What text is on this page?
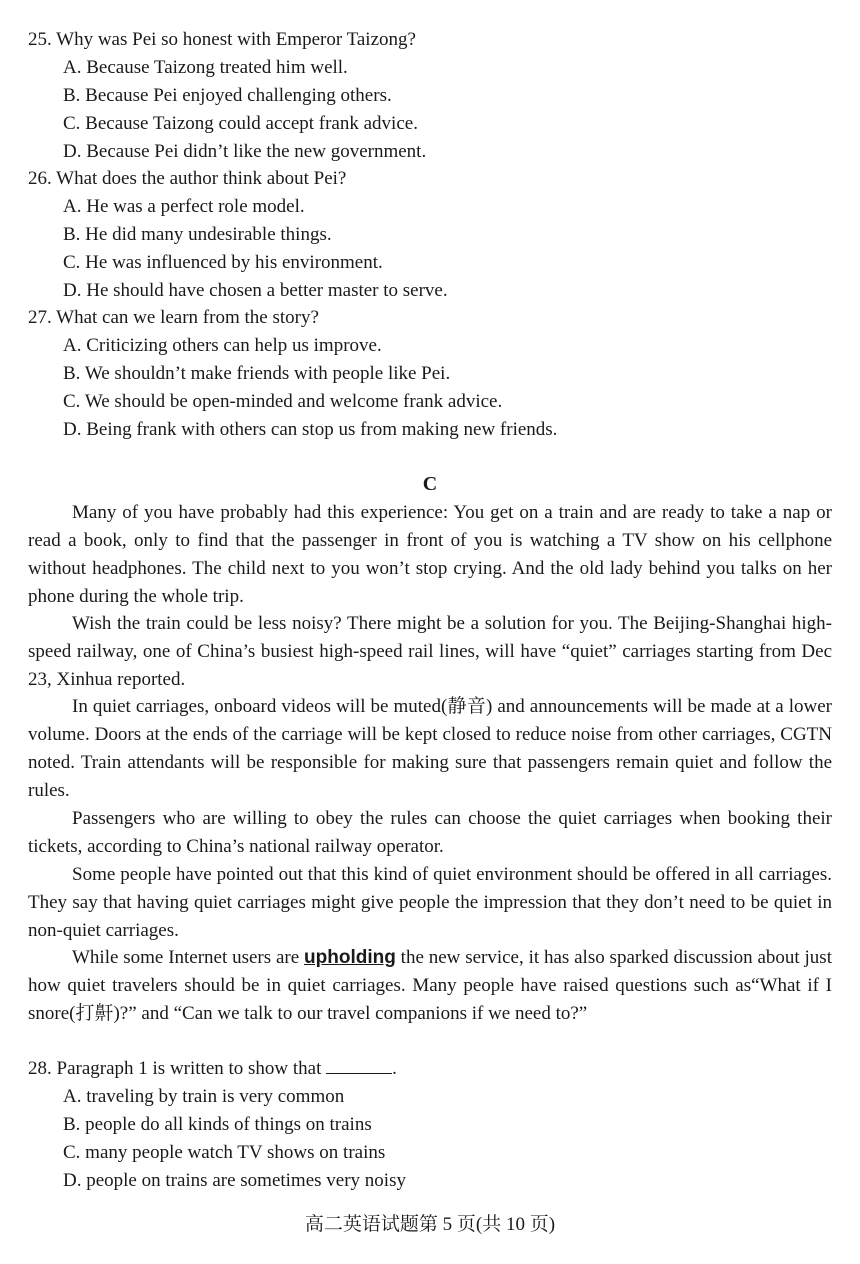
25. Why was Pei so honest with Emperor Taizong?
A. Because Taizong treated him well.
B. Because Pei enjoyed challenging others.
C. Because Taizong could accept frank advice.
D. Because Pei didn’t like the new government.
26. What does the author think about Pei?
A. He was a perfect role model.
B. He did many undesirable things.
C. He was influenced by his environment.
D. He should have chosen a better master to serve.
27. What can we learn from the story?
A. Criticizing others can help us improve.
B. We shouldn’t make friends with people like Pei.
C. We should be open-minded and welcome frank advice.
D. Being frank with others can stop us from making new friends.
C
Many of you have probably had this experience: You get on a train and are ready to take a nap or read a book, only to find that the passenger in front of you is watching a TV show on his cellphone without headphones. The child next to you won’t stop crying. And the old lady behind you talks on her phone during the whole trip.
Wish the train could be less noisy? There might be a solution for you. The Beijing-Shanghai high-speed railway, one of China’s busiest high-speed rail lines, will have “quiet” carriages starting from Dec 23, Xinhua reported.
In quiet carriages, onboard videos will be muted(静音) and announcements will be made at a lower volume. Doors at the ends of the carriage will be kept closed to reduce noise from other carriages, CGTN noted. Train attendants will be responsible for making sure that passengers remain quiet and follow the rules.
Passengers who are willing to obey the rules can choose the quiet carriages when booking their tickets, according to China’s national railway operator.
Some people have pointed out that this kind of quiet environment should be offered in all carriages. They say that having quiet carriages might give people the impression that they don’t need to be quiet in non-quiet carriages.
While some Internet users are upholding the new service, it has also sparked discussion about just how quiet travelers should be in quiet carriages. Many people have raised questions such as“What if I snore(打鼾)?” and “Can we talk to our travel companions if we need to?”
28. Paragraph 1 is written to show that	.
A. traveling by train is very common
B. people do all kinds of things on trains
C. many people watch TV shows on trains
D. people on trains are sometimes very noisy
高二英语试题第 5 页(共 10 页)
